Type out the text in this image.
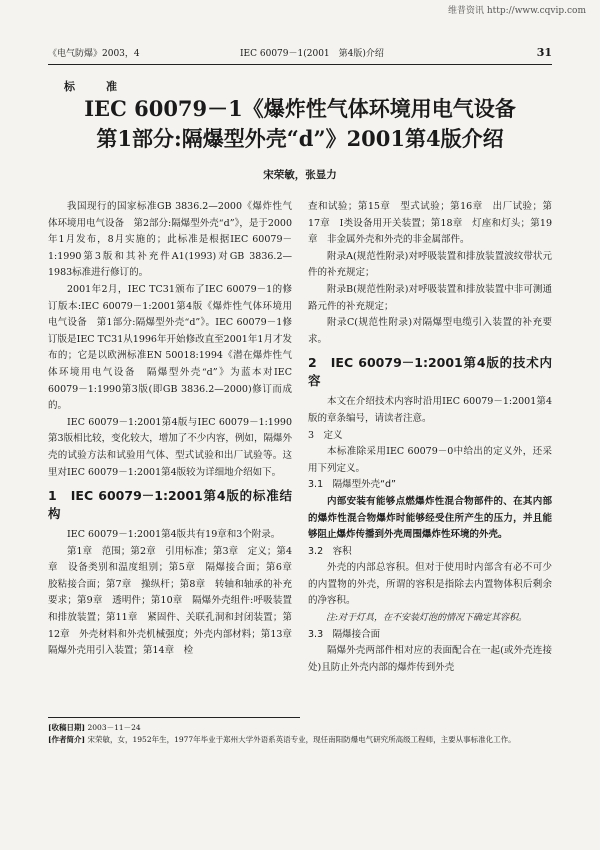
维普资讯 http://www.cqvip.com
《电气防爆》2003，4	IEC 60079－1(2001　第4版)介绍	31
标　准
IEC 60079－1《爆炸性气体环境用电气设备
第1部分:隔爆型外壳“d”》2001第4版介绍
宋荣敏，张显力

我国现行的国家标准GB 3836.2—2000《爆炸性气体环境用电气设备　第2部分:隔爆型外壳“d”》，是于2000年1月发布，8月实施的；此标准是根据IEC 60079－1:1990第3版和其补充件A1(1993)对GB 3836.2—1983标准进行修订的。

2001年2月，IEC TC31颁布了IEC 60079－1的修订版本:IEC 60079－1:2001第4版《爆炸性气体环境用电气设备　第1部分:隔爆型外壳“d”》。IEC 60079－1修订版是IEC TC31从1996年开始修改直至2001年1月才发布的；它是以欧洲标准EN 50018:1994《潜在爆炸性气体环境用电气设备　隔爆型外壳“d”》为蓝本对IEC 60079－1:1990第3版(即GB 3836.2—2000)修订而成的。

IEC 60079－1:2001第4版与IEC 60079－1:1990第3版相比较，变化较大，增加了不少内容，例如，隔爆外壳的试验方法和试验用气体、型式试验和出厂试验等。这里对IEC 60079－1:2001第4版较为详细地介绍如下。

1　IEC 60079－1:2001第4版的标准结构

IEC 60079－1:2001第4版共有19章和3个附录。

第1章　范围；第2章　引用标准；第3章　定义；第4章　设备类别和温度组别；第5章　隔爆接合面；第6章　胶粘接合面；第7章　操纵杆；第8章　转轴和轴承的补充要求；第9章　透明件；第10章　隔爆外壳组件:呼吸装置和排放装置；第11章　紧固件、关联孔洞和封闭装置；第12章　外壳材料和外壳机械强度；外壳内部材料；第13章　隔爆外壳用引入装置；第14章　检

查和试验；第15章　型式试验；第16章　出厂试验；第17章　I类设备用开关装置；第18章　灯座和灯头；第19章　非金属外壳和外壳的非金属部件。

附录A(规范性附录)对呼吸装置和排放装置波纹带状元件的补充规定；

附录B(规范性附录)对呼吸装置和排放装置中非可测通路元件的补充规定；

附录C(规范性附录)对隔爆型电缆引入装置的补充要求。

2　IEC 60079－1:2001第4版的技术内容

本文在介绍技术内容时沿用IEC 60079－1:2001第4版的章条编号，请读者注意。

3　定义

本标准除采用IEC 60079－0中给出的定义外，还采用下列定义。

3.1　隔爆型外壳“d”

内部安装有能够点燃爆炸性混合物部件的、在其内部的爆炸性混合物爆炸时能够经受住所产生的压力，并且能够阻止爆炸传播到外壳周围爆炸性环境的外壳。

3.2　容积

外壳的内部总容积。但对于使用时内部含有必不可少的内置物的外壳，所谓的容积是指除去内置物体积后剩余的净容积。

注:对于灯具，在不安装灯泡的情况下确定其容积。

3.3　隔爆接合面

隔爆外壳两部件相对应的表面配合在一起(或外壳连接处)且防止外壳内部的爆炸传到外壳

[收稿日期] 2003－11－24
[作者简介] 宋荣敏，女，1952年生，1977年毕业于郑州大学外语系英语专业，现任南阳防爆电气研究所高级工程师，主要从事标准化工作。
